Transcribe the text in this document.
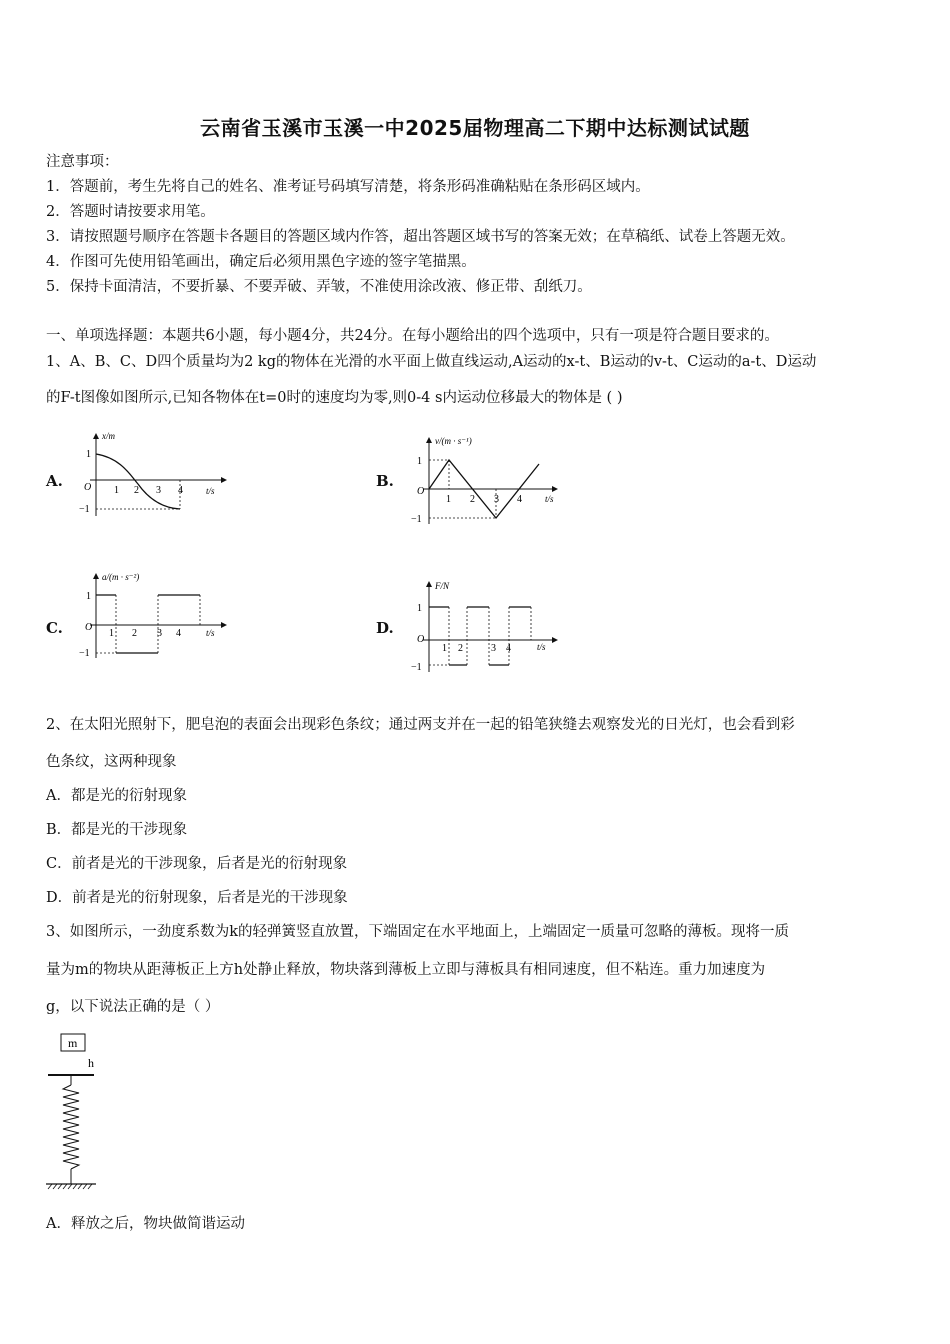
云南省玉溪市玉溪一中2025届物理高二下期中达标测试试题
注意事项：
1．答题前，考生先将自己的姓名、准考证号码填写清楚，将条形码准确粘贴在条形码区域内。
2．答题时请按要求用笔。
3．请按照题号顺序在答题卡各题目的答题区域内作答，超出答题区域书写的答案无效；在草稿纸、试卷上答题无效。
4．作图可先使用铅笔画出，确定后必须用黑色字迹的签字笔描黑。
5．保持卡面清洁，不要折暴、不要弄破、弄皱，不准使用涂改液、修正带、刮纸刀。
一、单项选择题：本题共6小题，每小题4分，共24分。在每小题给出的四个选项中，只有一项是符合题目要求的。
1、A、B、C、D四个质量均为2 kg的物体在光滑的水平面上做直线运动,A运动的x-t、B运动的v-t、C运动的a-t、D运动
的F-t图像如图所示,已知各物体在t=0时的速度均为零,则0-4 s内运动位移最大的物体是 ( )
A.	B.
C.	D.
x/m
t/s
O
1
−1
1 2 3 4
v/(m · s⁻¹)
t/s
O
1
−1
1 2 3 4
a/(m · s⁻²)
t/s
O
1
−1
1 2 3 4
F/N
t/s
O
1
−1
1 2	3 4
2、在太阳光照射下，肥皂泡的表面会出现彩色条纹；通过两支并在一起的铅笔狭缝去观察发光的日光灯，也会看到彩
色条纹，这两种现象
A．都是光的衍射现象
B．都是光的干涉现象
C．前者是光的干涉现象，后者是光的衍射现象
D．前者是光的衍射现象，后者是光的干涉现象
3、如图所示，一劲度系数为k的轻弹簧竖直放置，下端固定在水平地面上，上端固定一质量可忽略的薄板。现将一质
量为m的物块从距薄板正上方h处静止释放，物块落到薄板上立即与薄板具有相同速度，但不粘连。重力加速度为
g，以下说法正确的是（ ）
m
h
A．释放之后，物块做简谐运动
